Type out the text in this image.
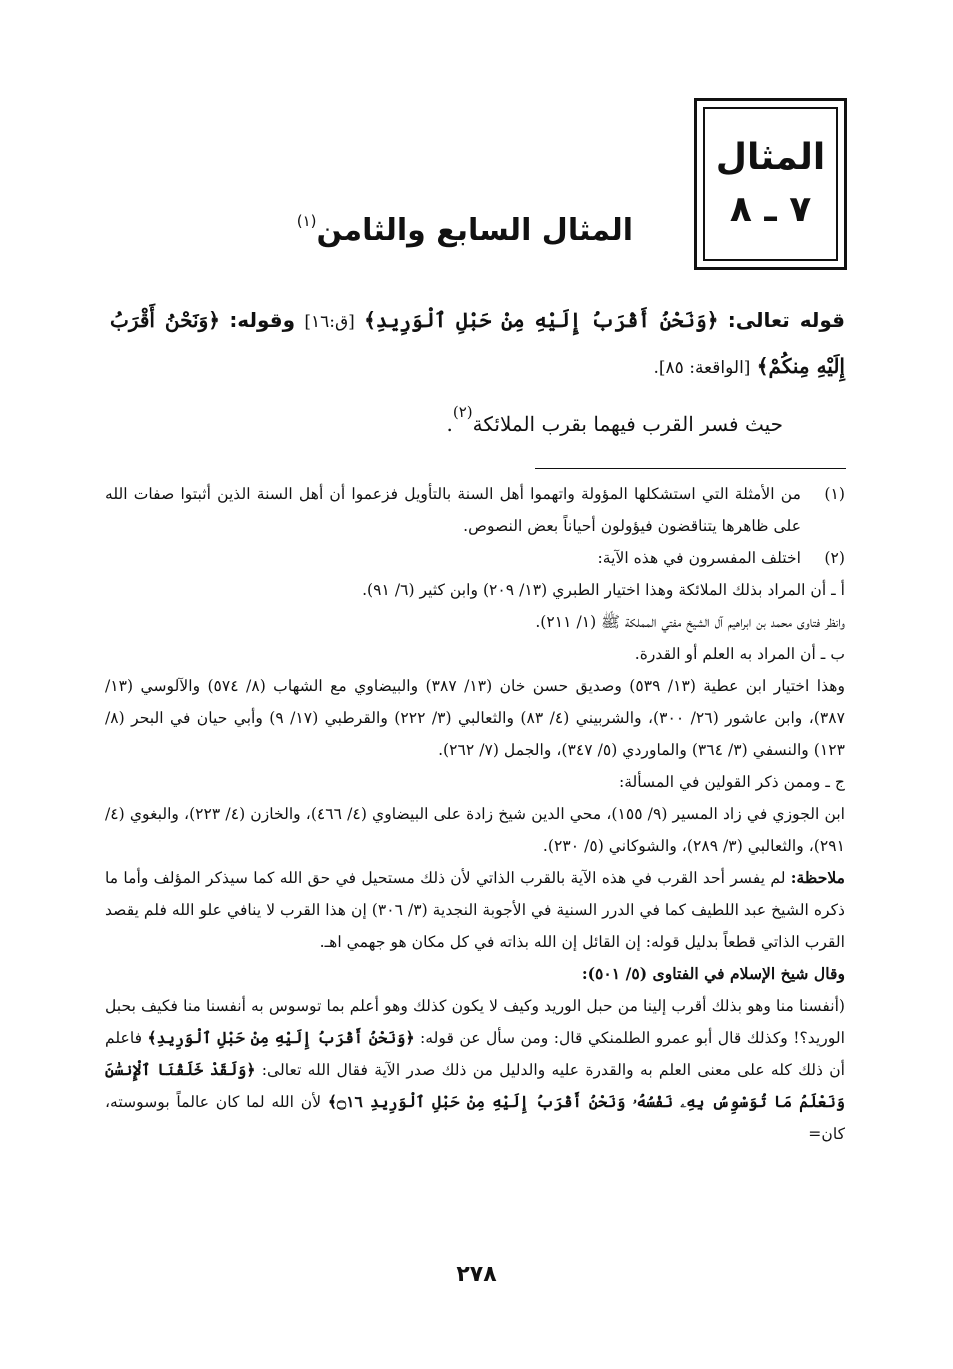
المثال
٧ ـ ٨
المثال السابع والثامن$^{(١)}$

قوله تعالى: ﴿وَنَحْنُ أَقْرَبُ إِلَيْهِ مِنْ حَبْلِ ٱلْوَرِيدِ﴾ [ق:١٦] وقوله: ﴿وَنَحْنُ أَقْرَبُ إِلَيْهِ مِنكُمْ﴾ [الواقعة: ٨٥].

حيث فسر القرب فيهما بقرب الملائكة$^{(٢)}$.

(١)

من الأمثلة التي استشكلها المؤولة واتهموا أهل السنة بالتأويل فزعموا أن أهل السنة الذين أثبتوا صفات الله على ظاهرها يتناقضون فيؤولون أحياناً بعض النصوص.

(٢)

اختلف المفسرون في هذه الآية:

أ ـ أن المراد بذلك الملائكة وهذا اختيار الطبري (١٣/ ٢٠٩) وابن كثير (٦/ ٩١).

وانظر فتاوى محمد بن ابراهيم آل الشيخ مفتي المملكة ﷺ (١/ ٢١١).

ب ـ أن المراد به العلم أو القدرة.

وهذا اختيار ابن عطية (١٣/ ٥٣٩) وصديق حسن خان (١٣/ ٣٨٧) والبيضاوي مع الشهاب (٨/ ٥٧٤) والآلوسي (١٣/ ٣٨٧)، وابن عاشور (٢٦/ ٣٠٠)، والشربيني (٤/ ٨٣) والثعالبي (٣/ ٢٢٢) والقرطبي (١٧/ ٩) وأبي حيان في البحر (٨/ ١٢٣) والنسفي (٣/ ٣٦٤) والماوردي (٥/ ٣٤٧)، والجمل (٧/ ٢٦٢).

ج ـ وممن ذكر القولين في المسألة:

ابن الجوزي في زاد المسير (٩/ ١٥٥)، محي الدين شيخ زادة على البيضاوي (٤/ ٤٦٦)، والخازن (٤/ ٢٢٣)، والبغوي (٤/ ٢٩١)، والثعالبي (٣/ ٢٨٩)، والشوكاني (٥/ ٢٣٠).

ملاحظة: لم يفسر أحد القرب في هذه الآية بالقرب الذاتي لأن ذلك مستحيل في حق الله كما سيذكر المؤلف وأما ما ذكره الشيخ عبد اللطيف كما في الدرر السنية في الأجوبة النجدية (٣/ ٣٠٦) إن هذا القرب لا ينافي علو الله فلم يقصد القرب الذاتي قطعاً بدليل قوله: إن القائل إن الله بذاته في كل مكان هو جهمي اهـ.

وقال شيخ الإسلام في الفتاوى (٥/ ٥٠١):

(أنفسنا منا وهو بذلك أقرب إلينا من حبل الوريد وكيف لا يكون كذلك وهو أعلم بما توسوس به أنفسنا منا فكيف بحبل الوريد؟! وكذلك قال أبو عمرو الطلمنكي قال: ومن سأل عن قوله: ﴿وَنَحْنُ أَقْرَبُ إِلَيْهِ مِنْ حَبْلِ ٱلْوَرِيدِ﴾ فاعلم أن ذلك كله على معنى العلم به والقدرة عليه والدليل من ذلك صدر الآية فقال الله تعالى: ﴿وَلَقَدْ خَلَقْنَا ٱلْإِنسَٰنَ وَنَعْلَمُ مَا تُوَسْوِسُ بِهِۦ نَفْسُهُۥ وَنَحْنُ أَقْرَبُ إِلَيْهِ مِنْ حَبْلِ ٱلْوَرِيدِ ۝١٦﴾ لأن الله لما كان عالماً بوسوسته، كان=

٢٧٨
